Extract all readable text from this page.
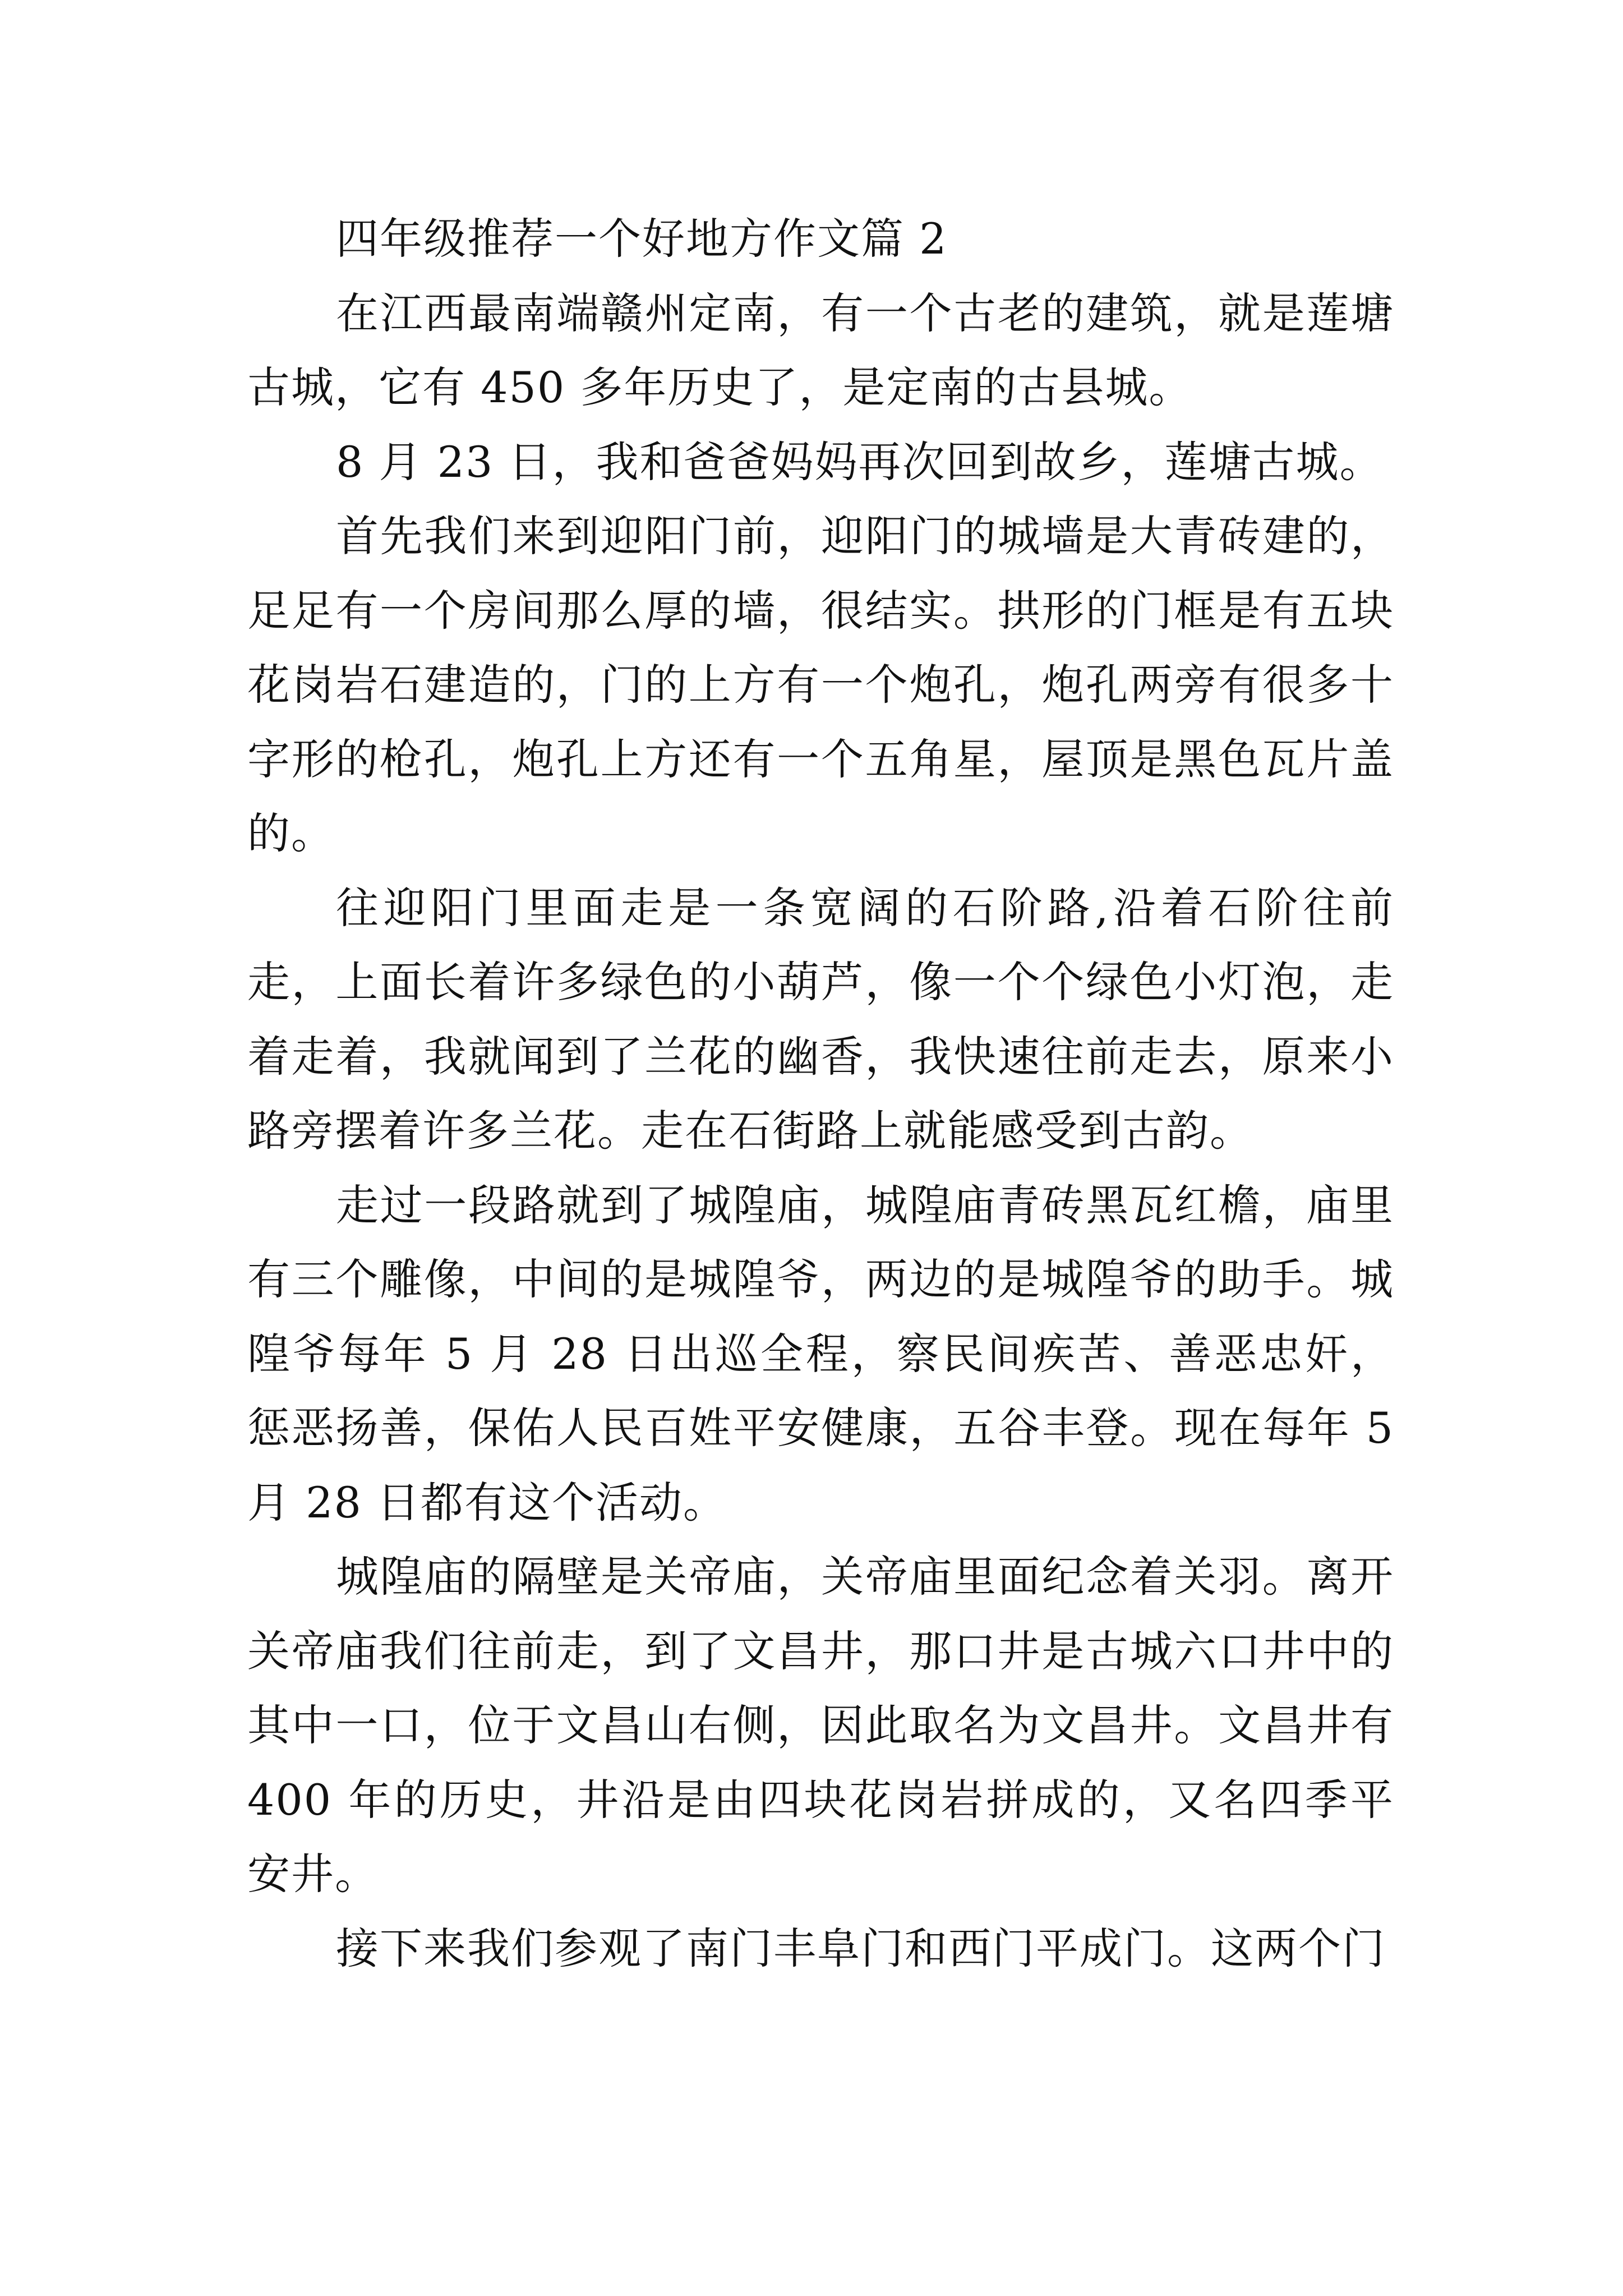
四年级推荐一个好地方作文篇 2

在江西最南端赣州定南，有一个古老的建筑，就是莲塘古城，它有 450 多年历史了，是定南的古县城。

8 月 23 日，我和爸爸妈妈再次回到故乡，莲塘古城。

首先我们来到迎阳门前，迎阳门的城墙是大青砖建的，足足有一个房间那么厚的墙，很结实。拱形的门框是有五块花岗岩石建造的，门的上方有一个炮孔，炮孔两旁有很多十字形的枪孔，炮孔上方还有一个五角星，屋顶是黑色瓦片盖的。

往迎阳门里面走是一条宽阔的石阶路,沿着石阶往前走，上面长着许多绿色的小葫芦，像一个个绿色小灯泡，走着走着，我就闻到了兰花的幽香，我快速往前走去，原来小路旁摆着许多兰花。走在石街路上就能感受到古韵。

走过一段路就到了城隍庙，城隍庙青砖黑瓦红檐，庙里有三个雕像，中间的是城隍爷，两边的是城隍爷的助手。城隍爷每年 5 月 28 日出巡全程，察民间疾苦、善恶忠奸，惩恶扬善，保佑人民百姓平安健康，五谷丰登。现在每年 5 月 28 日都有这个活动。

城隍庙的隔壁是关帝庙，关帝庙里面纪念着关羽。离开关帝庙我们往前走，到了文昌井，那口井是古城六口井中的其中一口，位于文昌山右侧，因此取名为文昌井。文昌井有 400 年的历史，井沿是由四块花岗岩拼成的，又名四季平安井。

接下来我们参观了南门丰阜门和西门平成门。这两个门
